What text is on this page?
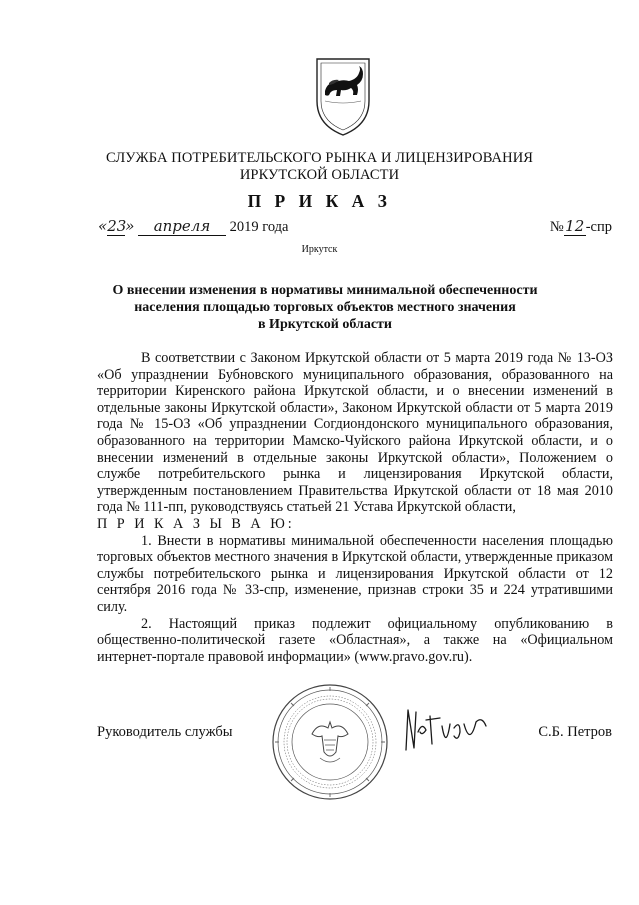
СЛУЖБА ПОТРЕБИТЕЛЬСКОГО РЫНКА И ЛИЦЕНЗИРОВАНИЯ
ИРКУТСКОЙ ОБЛАСТИ
П Р И К А З
«23» апреля 2019 года	№12-спр
Иркутск
О внесении изменения в нормативы минимальной обеспеченности
населения площадью торговых объектов местного значения
в Иркутской области

В соответствии с Законом Иркутской области от 5 марта 2019 года № 13-ОЗ «Об упразднении Бубновского муниципального образования, образованного на территории Киренского района Иркутской области, и о внесении изменений в отдельные законы Иркутской области», Законом Иркутской области от 5 марта 2019 года № 15-ОЗ «Об упразднении Согдиондонского муниципального образования, образованного на территории Мамско-Чуйского района Иркутской области, и о внесении изменений в отдельные законы Иркутской области», Положением о службе потребительского рынка и лицензирования Иркутской области, утвержденным постановлением Правительства Иркутской области от 18 мая 2010 года № 111-пп, руководствуясь статьей 21 Устава Иркутской области,

П Р И К А З Ы В А Ю:

1. Внести в нормативы минимальной обеспеченности населения площадью торговых объектов местного значения в Иркутской области, утвержденные приказом службы потребительского рынка и лицензирования Иркутской области от 12 сентября 2016 года № 33-спр, изменение, признав строки 35 и 224 утратившими силу.

2. Настоящий приказ подлежит официальному опубликованию в общественно-политической газете «Областная», а также на «Официальном интернет-портале правовой информации» (www.pravo.gov.ru).

Руководитель службы	С.Б. Петров
